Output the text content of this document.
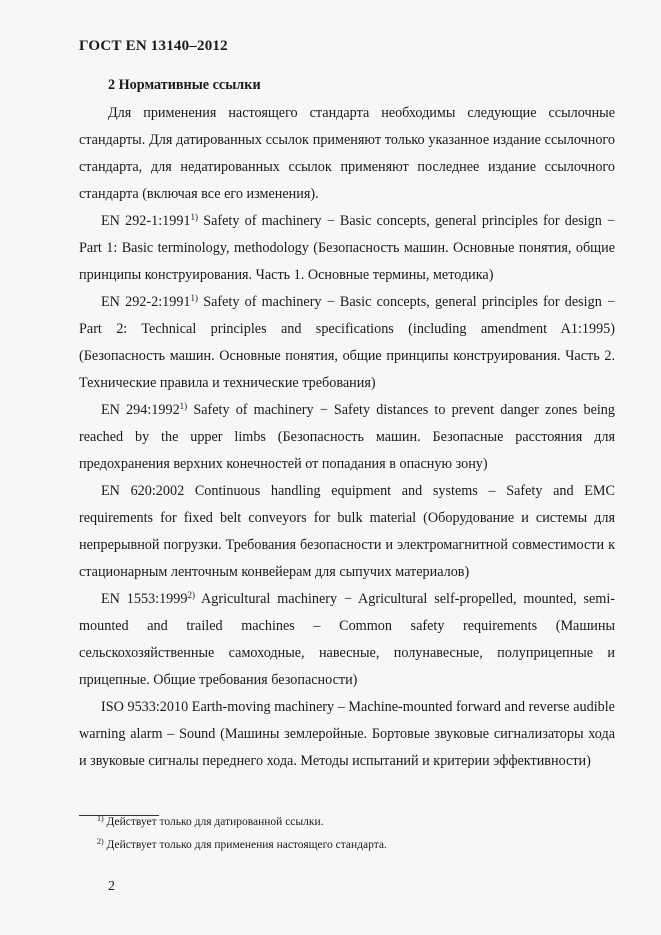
ГОСТ EN 13140–2012
2 Нормативные ссылки

Для применения настоящего стандарта необходимы следующие ссылочные стандарты. Для датированных ссылок применяют только указанное издание ссылочного стандарта, для недатированных ссылок применяют последнее издание ссылочного стандарта (включая все его изменения).

EN 292-1:1991$^{1)}$ Safety of machinery − Basic concepts, general principles for design − Part 1: Basic terminology, methodology (Безопасность машин. Основные понятия, общие принципы конструирования. Часть 1. Основные термины, методика)

EN 292-2:1991$^{1)}$ Safety of machinery − Basic concepts, general principles for design − Part 2: Technical principles and specifications (including amendment A1:1995) (Безопасность машин. Основные понятия, общие принципы конструирования. Часть 2. Технические правила и технические требования)

EN 294:1992$^{1)}$ Safety of machinery − Safety distances to prevent danger zones being reached by the upper limbs (Безопасность машин. Безопасные расстояния для предохранения верхних конечностей от попадания в опасную зону)

EN 620:2002 Continuous handling equipment and systems – Safety and EMC requirements for fixed belt conveyors for bulk material (Оборудование и системы для непрерывной погрузки. Требования безопасности и электромагнитной совместимости к стационарным ленточным конвейерам для сыпучих материалов)

EN 1553:1999$^{2)}$ Agricultural machinery − Agricultural self-propelled, mounted, semi-mounted and trailed machines – Common safety requirements (Машины сельскохозяйственные самоходные, навесные, полунавесные, полуприцепные и прицепные. Общие требования безопасности)

ISO 9533:2010 Earth-moving machinery – Machine-mounted forward and reverse audible warning alarm – Sound (Машины землеройные. Бортовые звуковые сигнализаторы хода и звуковые сигналы переднего хода. Методы испытаний и критерии эффективности)

$^{1)}$ Действует только для датированной ссылки.
$^{2)}$ Действует только для применения настоящего стандарта.
2
